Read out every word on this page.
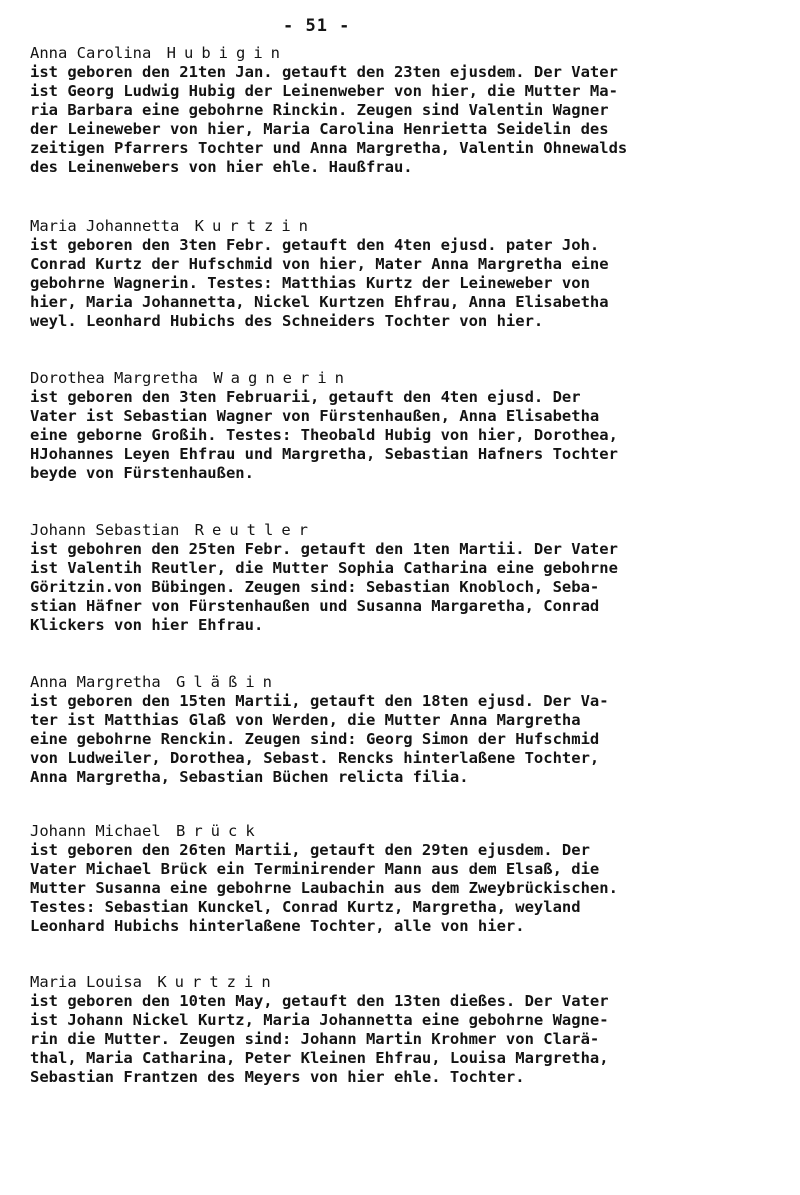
- 51 -

Anna Carolina Hubigin

ist geboren den 21ten Jan. getauft den 23ten ejusdem. Der Vater
ist Georg Ludwig Hubig der Leinenweber von hier, die Mutter Ma-
ria Barbara eine gebohrne Rinckin. Zeugen sind Valentin Wagner
der Leineweber von hier, Maria Carolina Henrietta Seidelin des
zeitigen Pfarrers Tochter und Anna Margretha, Valentin Ohnewalds
des Leinenwebers von hier ehle. Haußfrau.

Maria Johannetta Kurtzin

ist geboren den 3ten Febr. getauft den 4ten ejusd. pater Joh.
Conrad Kurtz der Hufschmid von hier, Mater Anna Margretha eine
gebohrne Wagnerin. Testes: Matthias Kurtz der Leineweber von
hier, Maria Johannetta, Nickel Kurtzen Ehfrau, Anna Elisabetha
weyl. Leonhard Hubichs des Schneiders Tochter von hier.

Dorothea Margretha Wagnerin

ist geboren den 3ten Februarii, getauft den 4ten ejusd. Der
Vater ist Sebastian Wagner von Fürstenhaußen, Anna Elisabetha
eine geborne Großih. Testes: Theobald Hubig von hier, Dorothea,
HJohannes Leyen Ehfrau und Margretha, Sebastian Hafners Tochter
beyde von Fürstenhaußen.

Johann Sebastian Reutler

ist gebohren den 25ten Febr. getauft den 1ten Martii. Der Vater
ist Valentih Reutler, die Mutter Sophia Catharina eine gebohrne
Göritzin.von Bübingen. Zeugen sind: Sebastian Knobloch, Seba-
stian Häfner von Fürstenhaußen und Susanna Margaretha, Conrad
Klickers von hier Ehfrau.

Anna Margretha Gläßin

ist geboren den 15ten Martii, getauft den 18ten ejusd. Der Va-
ter ist Matthias Glaß von Werden, die Mutter Anna Margretha
eine gebohrne Renckin. Zeugen sind: Georg Simon der Hufschmid
von Ludweiler, Dorothea, Sebast. Rencks hinterlaßene Tochter,
Anna Margretha, Sebastian Büchen relicta filia.

Johann Michael Brück

ist geboren den 26ten Martii, getauft den 29ten ejusdem. Der
Vater Michael Brück ein Terminirender Mann aus dem Elsaß, die
Mutter Susanna eine gebohrne Laubachin aus dem Zweybrückischen.
Testes: Sebastian Kunckel, Conrad Kurtz, Margretha, weyland
Leonhard Hubichs hinterlaßene Tochter, alle von hier.

Maria Louisa Kurtzin

ist geboren den 10ten May, getauft den 13ten dießes. Der Vater
ist Johann Nickel Kurtz, Maria Johannetta eine gebohrne Wagne-
rin die Mutter. Zeugen sind: Johann Martin Krohmer von Clarä-
thal, Maria Catharina, Peter Kleinen Ehfrau, Louisa Margretha,
Sebastian Frantzen des Meyers von hier ehle. Tochter.
